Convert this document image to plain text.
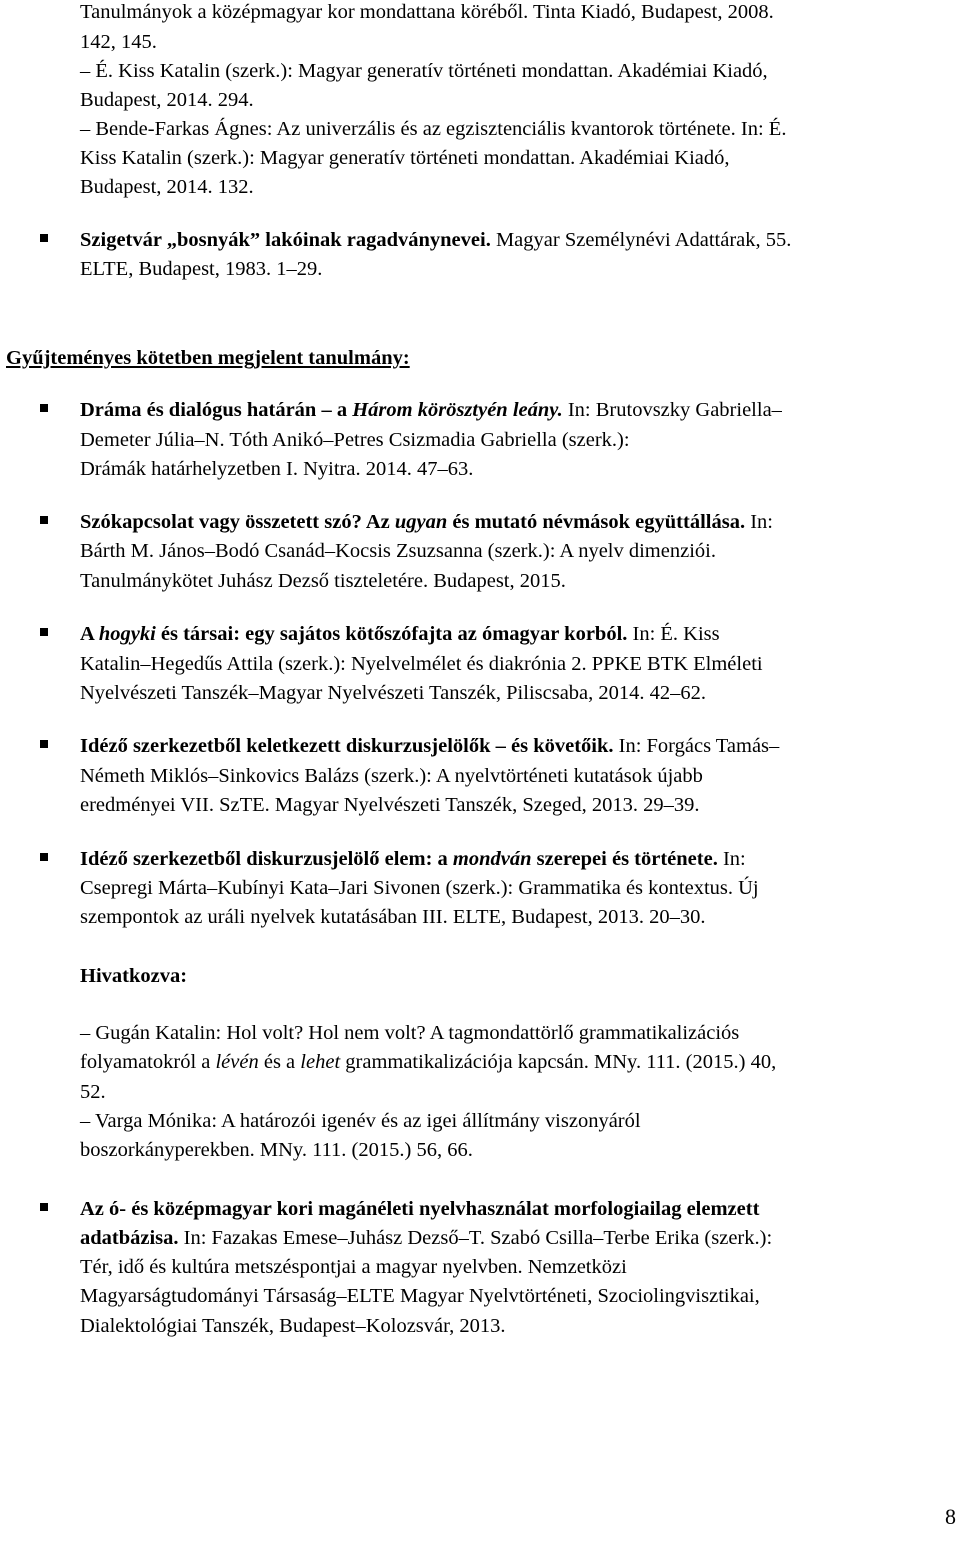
Tanulmányok a középmagyar kor mondattana köréből. Tinta Kiadó, Budapest, 2008.
142, 145.
– É. Kiss Katalin (szerk.): Magyar generatív történeti mondattan. Akadémiai Kiadó,
Budapest, 2014. 294.
– Bende-Farkas Ágnes: Az univerzális és az egzisztenciális kvantorok története. In: É.
Kiss Katalin (szerk.): Magyar generatív történeti mondattan. Akadémiai Kiadó,
Budapest, 2014. 132.
Szigetvár „bosnyák” lakóinak ragadványnevei. Magyar Személynévi Adattárak, 55.
ELTE, Budapest, 1983. 1–29.
Gyűjteményes kötetben megjelent tanulmány:
Dráma és dialógus határán – a Három körösztyén leány. In: Brutovszky Gabriella–
Demeter Júlia–N. Tóth Anikó–Petres Csizmadia Gabriella (szerk.):
Drámák határhelyzetben I. Nyitra. 2014. 47–63.
Szókapcsolat vagy összetett szó? Az ugyan és mutató névmások együttállása. In:
Bárth M. János–Bodó Csanád–Kocsis Zsuzsanna (szerk.): A nyelv dimenziói.
Tanulmánykötet Juhász Dezső tiszteletére. Budapest, 2015.
A hogyki és társai: egy sajátos kötőszófajta az ómagyar korból. In: É. Kiss
Katalin–Hegedűs Attila (szerk.): Nyelvelmélet és diakrónia 2. PPKE BTK Elméleti
Nyelvészeti Tanszék–Magyar Nyelvészeti Tanszék, Piliscsaba, 2014. 42–62.
Idéző szerkezetből keletkezett diskurzusjelölők – és követőik. In: Forgács Tamás–
Németh Miklós–Sinkovics Balázs (szerk.): A nyelvtörténeti kutatások újabb
eredményei VII. SzTE. Magyar Nyelvészeti Tanszék, Szeged, 2013. 29–39.
Idéző szerkezetből diskurzusjelölő elem: a mondván szerepei és története. In:
Csepregi Márta–Kubínyi Kata–Jari Sivonen (szerk.): Grammatika és kontextus. Új
szempontok az uráli nyelvek kutatásában III. ELTE, Budapest, 2013. 20–30.
Hivatkozva:
– Gugán Katalin: Hol volt? Hol nem volt? A tagmondattörlő grammatikalizációs
folyamatokról a lévén és a lehet grammatikalizációja kapcsán. MNy. 111. (2015.) 40,
52.
– Varga Mónika: A határozói igenév és az igei állítmány viszonyáról
boszorkányperekben. MNy. 111. (2015.) 56, 66.
Az ó- és középmagyar kori magánéleti nyelvhasználat morfologiailag elemzett
adatbázisa. In: Fazakas Emese–Juhász Dezső–T. Szabó Csilla–Terbe Erika (szerk.):
Tér, idő és kultúra metszéspontjai a magyar nyelvben. Nemzetközi
Magyarságtudományi Társaság–ELTE Magyar Nyelvtörténeti, Szociolingvisztikai,
Dialektológiai Tanszék, Budapest–Kolozsvár, 2013.
8
